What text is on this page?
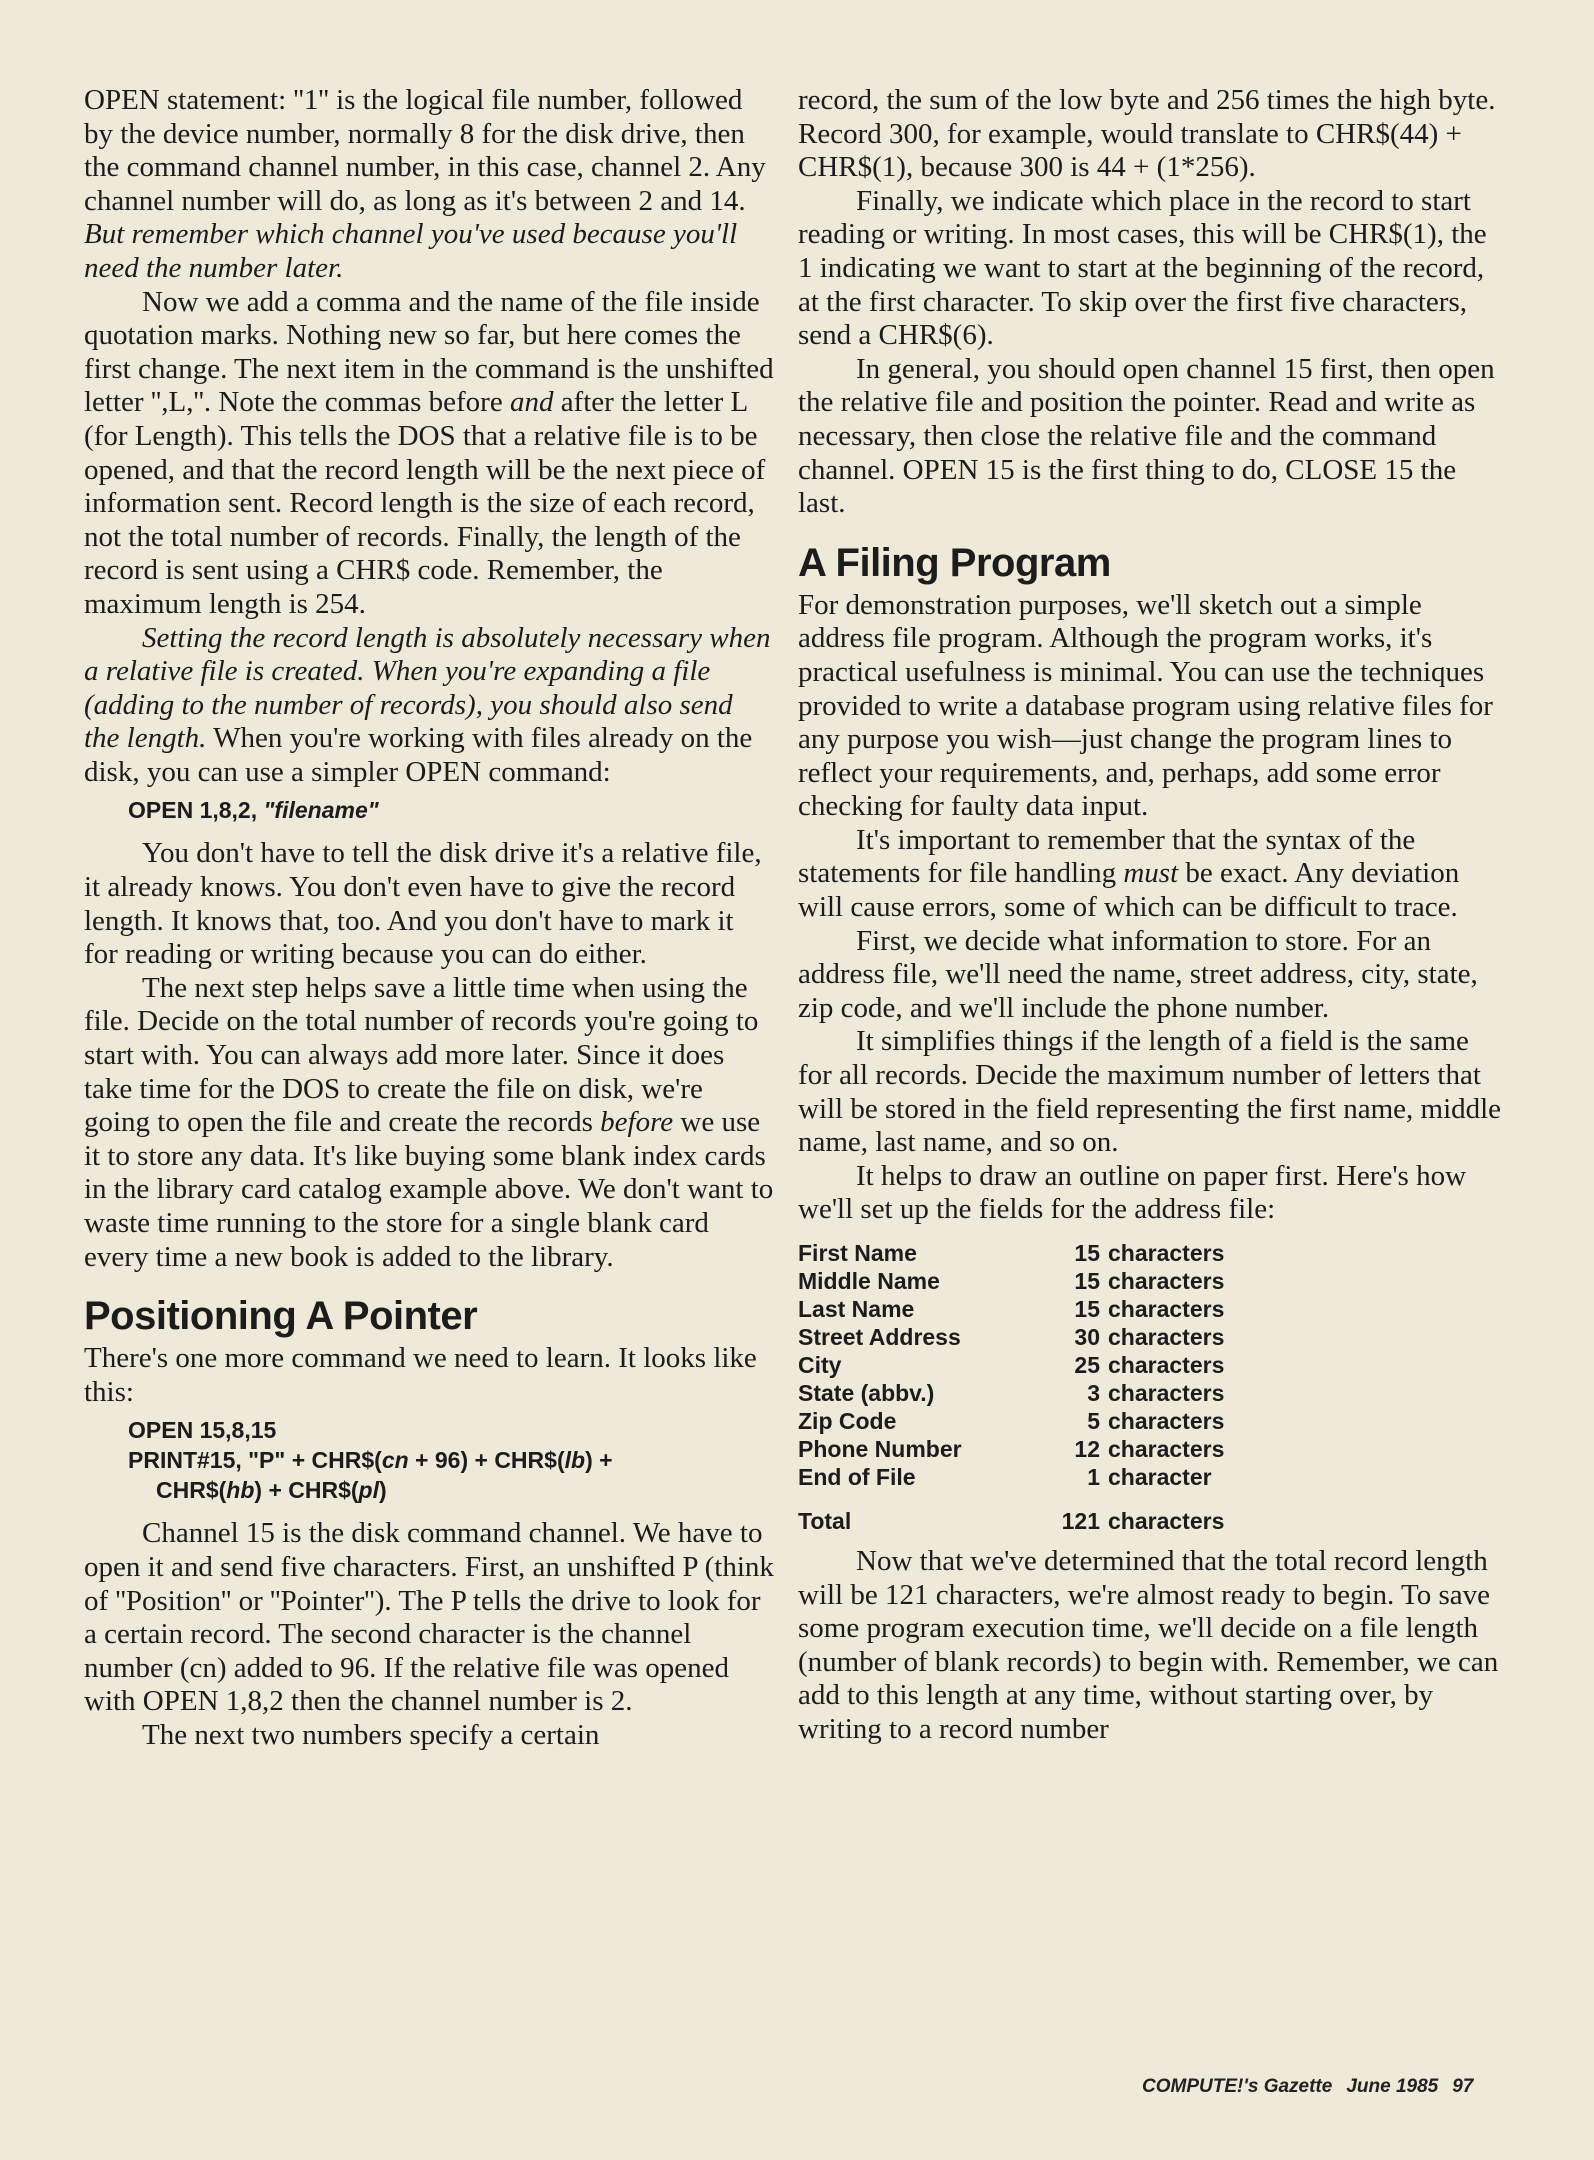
OPEN statement: ''1'' is the logical file number, followed by the device number, normally 8 for the disk drive, then the command channel number, in this case, channel 2. Any channel number will do, as long as it's between 2 and 14. But remember which channel you've used because you'll need the number later.

Now we add a comma and the name of the file inside quotation marks. Nothing new so far, but here comes the first change. The next item in the command is the unshifted letter '',L,''. Note the commas before and after the letter L (for Length). This tells the DOS that a relative file is to be opened, and that the record length will be the next piece of information sent. Record length is the size of each record, not the total number of records. Finally, the length of the record is sent using a CHR$ code. Remember, the maximum length is 254.

Setting the record length is absolutely necessary when a relative file is created. When you're expanding a file (adding to the number of records), you should also send the length. When you're working with files already on the disk, you can use a simpler OPEN command:

OPEN 1,8,2, "filename"

You don't have to tell the disk drive it's a relative file, it already knows. You don't even have to give the record length. It knows that, too. And you don't have to mark it for reading or writing because you can do either.

The next step helps save a little time when using the file. Decide on the total number of records you're going to start with. You can always add more later. Since it does take time for the DOS to create the file on disk, we're going to open the file and create the records before we use it to store any data. It's like buying some blank index cards in the library card catalog example above. We don't want to waste time running to the store for a single blank card every time a new book is added to the library.

Positioning A Pointer

There's one more command we need to learn. It looks like this:

OPEN 15,8,15
PRINT#15, "P" + CHR$(cn + 96) + CHR$(lb) +
CHR$(hb) + CHR$(pl)

Channel 15 is the disk command channel. We have to open it and send five characters. First, an unshifted P (think of ''Position'' or ''Pointer''). The P tells the drive to look for a certain record. The second character is the channel number (cn) added to 96. If the relative file was opened with OPEN 1,8,2 then the channel number is 2.

The next two numbers specify a certain

record, the sum of the low byte and 256 times the high byte. Record 300, for example, would translate to CHR$(44) + CHR$(1), because 300 is 44 + (1*256).

Finally, we indicate which place in the record to start reading or writing. In most cases, this will be CHR$(1), the 1 indicating we want to start at the beginning of the record, at the first character. To skip over the first five characters, send a CHR$(6).

In general, you should open channel 15 first, then open the relative file and position the pointer. Read and write as necessary, then close the relative file and the command channel. OPEN 15 is the first thing to do, CLOSE 15 the last.

A Filing Program

For demonstration purposes, we'll sketch out a simple address file program. Although the program works, it's practical usefulness is minimal. You can use the techniques provided to write a database program using relative files for any purpose you wish—just change the program lines to reflect your requirements, and, perhaps, add some error checking for faulty data input.

It's important to remember that the syntax of the statements for file handling must be exact. Any deviation will cause errors, some of which can be difficult to trace.

First, we decide what information to store. For an address file, we'll need the name, street address, city, state, zip code, and we'll include the phone number.

It simplifies things if the length of a field is the same for all records. Decide the maximum number of letters that will be stored in the field representing the first name, middle name, last name, and so on.

It helps to draw an outline on paper first. Here's how we'll set up the fields for the address file:

First Name	15	characters
Middle Name	15	characters
Last Name	15	characters
Street Address	30	characters
City	25	characters
State (abbv.)	3	characters
Zip Code	5	characters
Phone Number	12	characters
End of File	1	character
Total	121	characters

Now that we've determined that the total record length will be 121 characters, we're almost ready to begin. To save some program execution time, we'll decide on a file length (number of blank records) to begin with. Remember, we can add to this length at any time, without starting over, by writing to a record number

COMPUTE!'s Gazette June 1985 97
